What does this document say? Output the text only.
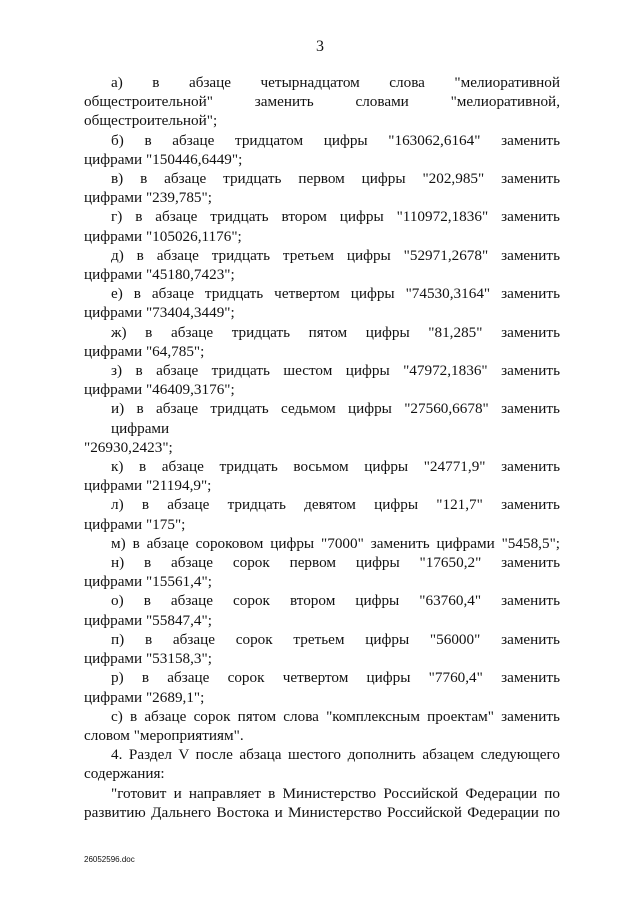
3
а) в абзаце четырнадцатом слова "мелиоративной
общестроительной" заменить словами "мелиоративной,
общестроительной";
б) в абзаце тридцатом цифры "163062,6164" заменить
цифрами "150446,6449";
в) в абзаце тридцать первом цифры "202,985" заменить
цифрами "239,785";
г) в абзаце тридцать втором цифры "110972,1836" заменить
цифрами "105026,1176";
д) в абзаце тридцать третьем цифры "52971,2678" заменить
цифрами "45180,7423";
е) в абзаце тридцать четвертом цифры "74530,3164" заменить
цифрами "73404,3449";
ж) в абзаце тридцать пятом цифры "81,285" заменить
цифрами "64,785";
з) в абзаце тридцать шестом цифры "47972,1836" заменить
цифрами "46409,3176";
и) в абзаце тридцать седьмом цифры "27560,6678" заменить цифрами
"26930,2423";
к) в абзаце тридцать восьмом цифры "24771,9" заменить
цифрами "21194,9";
л) в абзаце тридцать девятом цифры "121,7" заменить
цифрами "175";
м) в абзаце сороковом цифры "7000" заменить цифрами "5458,5";
н) в абзаце сорок первом цифры "17650,2" заменить
цифрами "15561,4";
о) в абзаце сорок втором цифры "63760,4" заменить
цифрами "55847,4";
п) в абзаце сорок третьем цифры "56000" заменить
цифрами "53158,3";
р) в абзаце сорок четвертом цифры "7760,4" заменить
цифрами "2689,1";
с) в абзаце сорок пятом слова "комплексным проектам" заменить
словом "мероприятиям".
4. Раздел V после абзаца шестого дополнить абзацем следующего
содержания:
"готовит и направляет в Министерство Российской Федерации по
развитию Дальнего Востока и Министерство Российской Федерации по
26052596.doc
